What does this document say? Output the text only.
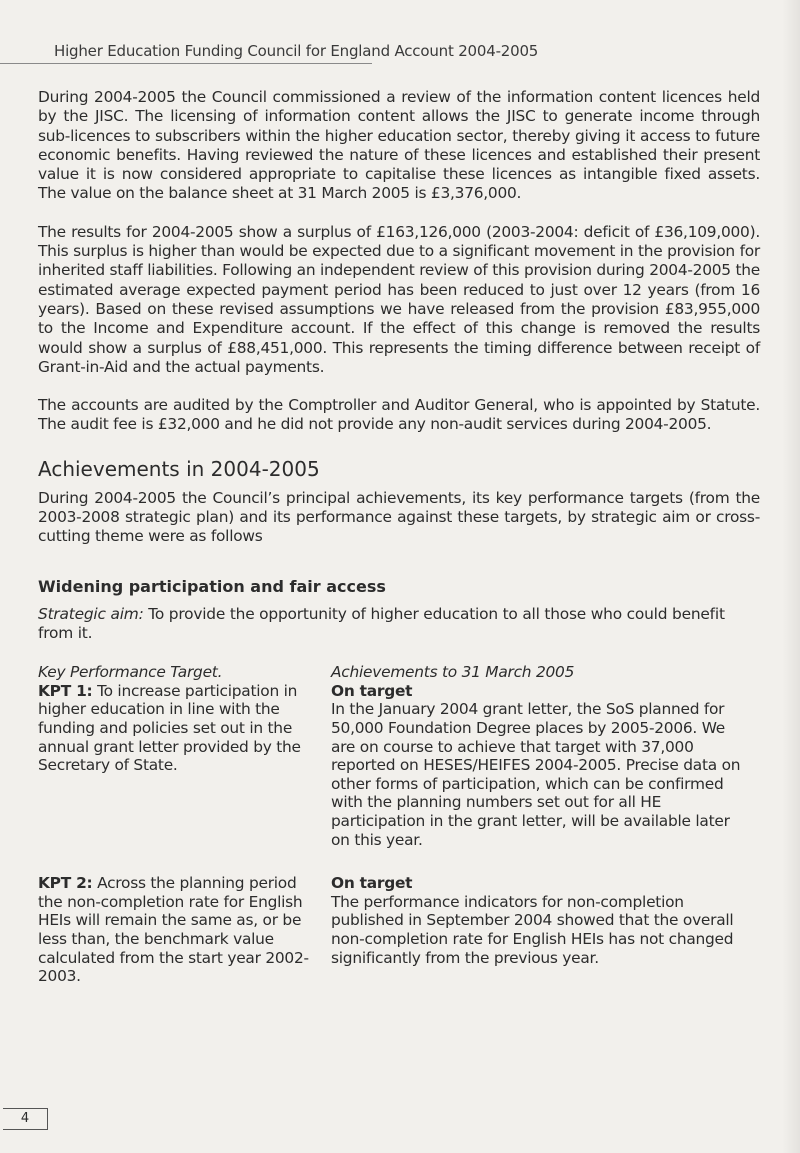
Higher Education Funding Council for England Account 2004-2005

During 2004-2005 the Council commissioned a review of the information content licences held by the JISC. The licensing of information content allows the JISC to generate income through sub-licences to subscribers within the higher education sector, thereby giving it access to future economic benefits. Having reviewed the nature of these licences and established their present value it is now considered appropriate to capitalise these licences as intangible fixed assets. The value on the balance sheet at 31 March 2005 is £3,376,000.

The results for 2004-2005 show a surplus of £163,126,000 (2003-2004: deficit of £36,109,000). This surplus is higher than would be expected due to a significant movement in the provision for inherited staff liabilities. Following an independent review of this provision during 2004-2005 the estimated average expected payment period has been reduced to just over 12 years (from 16 years). Based on these revised assumptions we have released from the provision £83,955,000 to the Income and Expenditure account. If the effect of this change is removed the results would show a surplus of £88,451,000. This represents the timing difference between receipt of Grant-in-Aid and the actual payments.

The accounts are audited by the Comptroller and Auditor General, who is appointed by Statute. The audit fee is £32,000 and he did not provide any non-audit services during 2004-2005.

Achievements in 2004-2005

During 2004-2005 the Council’s principal achievements, its key performance targets (from the 2003-2008 strategic plan) and its performance against these targets, by strategic aim or cross-cutting theme were as follows

Widening participation and fair access

Strategic aim: To provide the opportunity of higher education to all those who could benefit from it.

Key Performance Target.	Achievements to 31 March 2005
KPT 1: To increase participation in higher education in line with the funding and policies set out in the annual grant letter provided by the Secretary of State.
On target
In the January 2004 grant letter, the SoS planned for 50,000 Foundation Degree places by 2005-2006. We are on course to achieve that target with 37,000 reported on HESES/HEIFES 2004-2005. Precise data on other forms of participation, which can be confirmed with the planning numbers set out for all HE participation in the grant letter, will be available later on this year.
KPT 2: Across the planning period the non-completion rate for English HEIs will remain the same as, or be less than, the benchmark value calculated from the start year 2002-2003.
On target
The performance indicators for non-completion published in September 2004 showed that the overall non-completion rate for English HEIs has not changed significantly from the previous year.
4
